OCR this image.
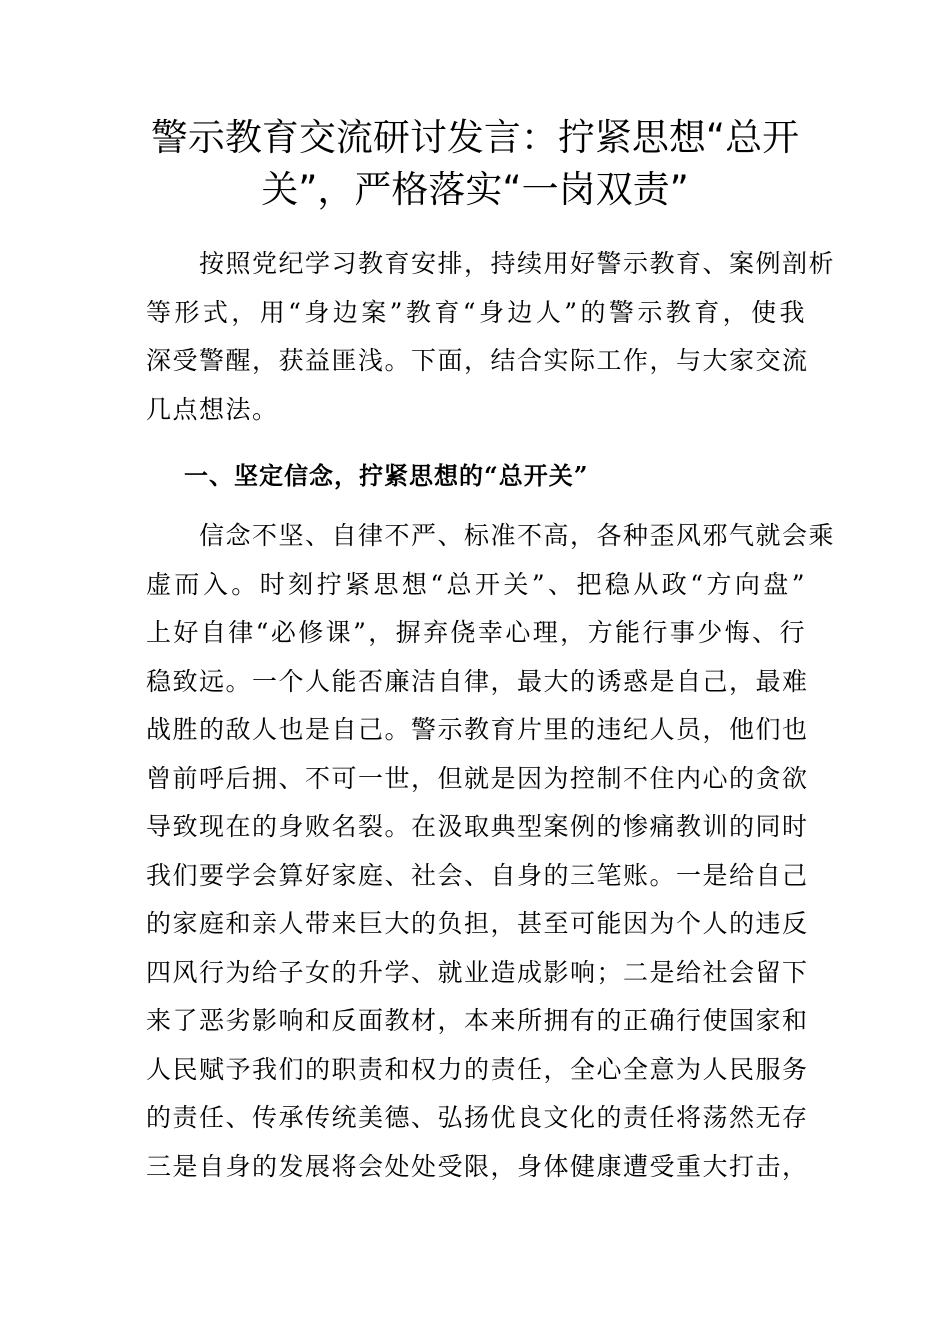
警示教育交流研讨发言：拧紧思想“总开
关”，严格落实“一岗双责”
　　按照党纪学习教育安排，持续用好警示教育、案例剖析
等形式，用“身边案”教育“身边人”的警示教育，使我
深受警醒，获益匪浅。下面，结合实际工作，与大家交流
几点想法。
一、坚定信念，拧紧思想的“总开关”
　　信念不坚、自律不严、标准不高，各种歪风邪气就会乘
虚而入。时刻拧紧思想“总开关”、把稳从政“方向盘”
上好自律“必修课”，摒弃侥幸心理，方能行事少悔、行
稳致远。一个人能否廉洁自律，最大的诱惑是自己，最难
战胜的敌人也是自己。警示教育片里的违纪人员，他们也
曾前呼后拥、不可一世，但就是因为控制不住内心的贪欲
导致现在的身败名裂。在汲取典型案例的惨痛教训的同时
我们要学会算好家庭、社会、自身的三笔账。一是给自己
的家庭和亲人带来巨大的负担，甚至可能因为个人的违反
四风行为给子女的升学、就业造成影响；二是给社会留下
来了恶劣影响和反面教材，本来所拥有的正确行使国家和
人民赋予我们的职责和权力的责任，全心全意为人民服务
的责任、传承传统美德、弘扬优良文化的责任将荡然无存
三是自身的发展将会处处受限，身体健康遭受重大打击，
